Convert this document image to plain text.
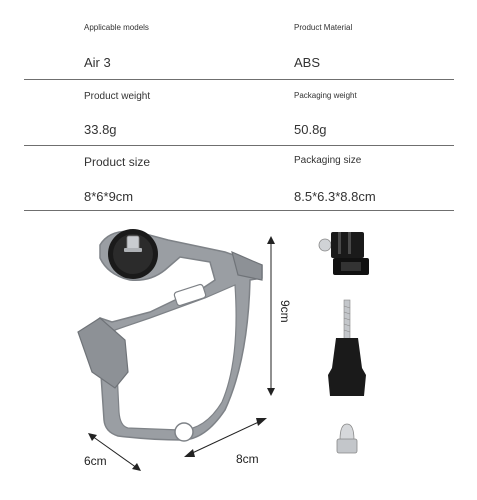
Applicable models
Air 3
Product Material
ABS
Product weight
33.8g
Packaging weight
50.8g
Product size
8*6*9cm
Packaging size
8.5*6.3*8.8cm
9cm
8cm
6cm
